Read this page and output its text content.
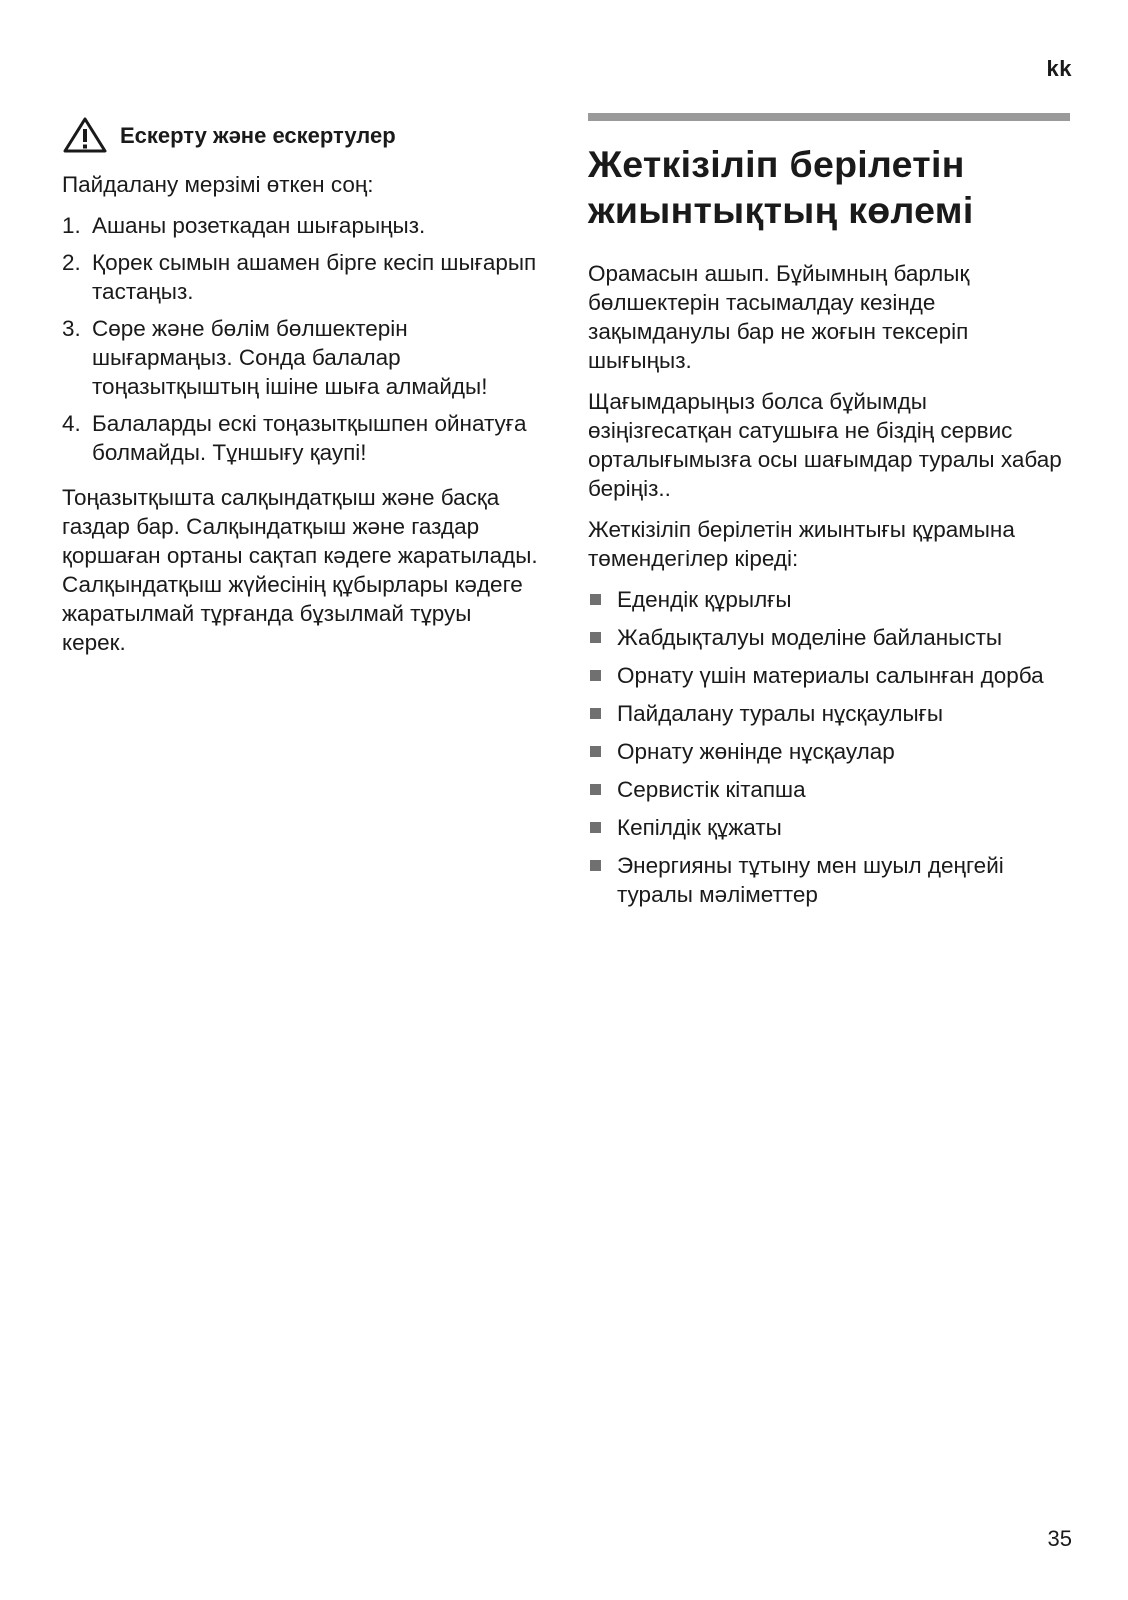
kk
Ескерту және ескертулер

Пайдалану мерзімі өткен соң:

1. Ашаны розеткадан шығарыңыз.
2. Қорек сымын ашамен бірге кесіп шығарып тастаңыз.
3. Сөре және бөлім бөлшектерін шығармаңыз. Сонда балалар тоңазытқыштың ішіне шыға алмайды!
4. Балаларды ескі тоңазытқышпен ойнатуға болмайды. Тұншығу қаупі!

Тоңазытқышта салқындатқыш және басқа газдар бар. Салқындатқыш және газдар қоршаған ортаны сақтап кәдеге жаратылады. Салқындатқыш жүйесінің құбырлары кәдеге жаратылмай тұрғанда бұзылмай тұруы керек.

Жеткізіліп берілетін жиынтықтың көлемі

Орамасын ашып. Бұйымның барлық бөлшектерін тасымалдау кезінде зақымданулы бар не жоғын тексеріп шығыңыз.

Щағымдарыңыз болса бұйымды өзіңізгесатқан сатушыға не біздің сервис орталығымызға осы шағымдар туралы хабар беріңіз..

Жеткізіліп берілетін жиынтығы құрамына төмендегілер кіреді:

Едендік құрылғы
Жабдықталуы моделіне байланысты
Орнату үшін материалы салынған дорба
Пайдалану туралы нұсқаулығы
Орнату жөнінде нұсқаулар
Сервистік кітапша
Кепілдік құжаты
Энергияны тұтыну мен шуыл деңгейі туралы мәліметтер
35
